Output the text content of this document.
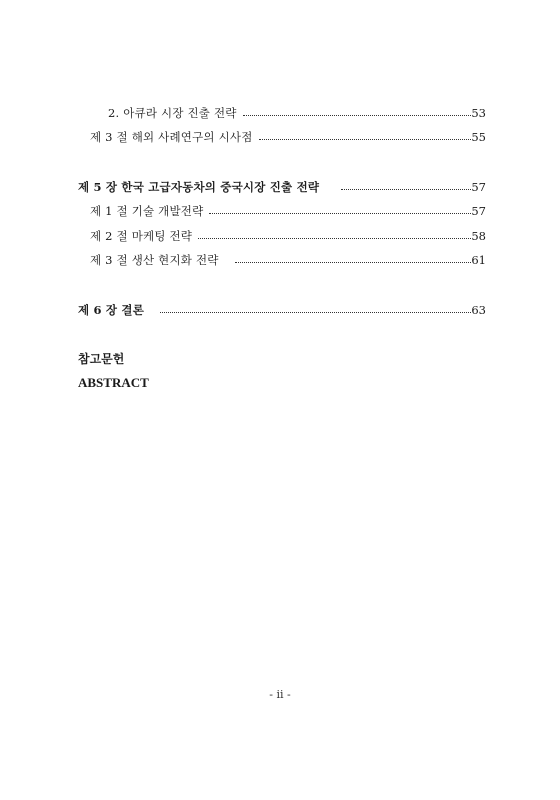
2. 아큐라 시장 진출 전략	53
제 3 절 해외 사례연구의 시사점	55
제 5 장 한국 고급자동차의 중국시장 진출 전략	57
제 1 절 기술 개발전략	57
제 2 절 마케팅 전략	58
제 3 절 생산 현지화 전략	61
제 6 장 결론	63
참고문헌
ABSTRACT
- ii -
